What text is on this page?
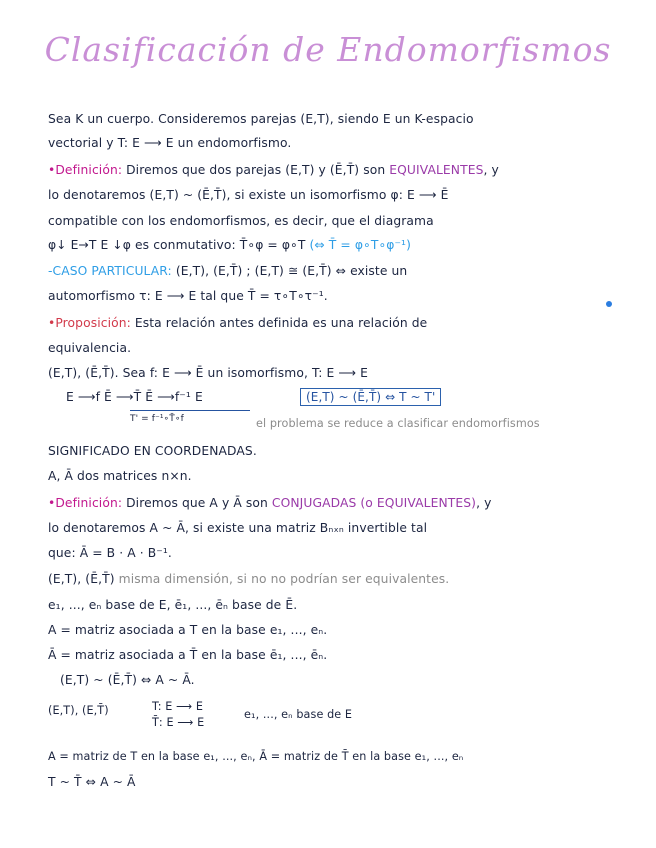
Clasificación de Endomorfismos
Sea K un cuerpo. Consideremos parejas (E,T), siendo E un K-espacio
vectorial y T: E ⟶ E un endomorfismo.
•Definición: Diremos que dos parejas (E,T) y (Ē,T̄) son EQUIVALENTES, y
lo denotaremos (E,T) ~ (Ē,T̄), si existe un isomorfismo φ: E ⟶ Ē
compatible con los endomorfismos, es decir, que el diagrama
φ↓ E→T E ↓φ es conmutativo: T̄∘φ = φ∘T (⇔ T̄ = φ∘T∘φ⁻¹)
-CASO PARTICULAR: (E,T), (E,T̄) ; (E,T) ≅ (E,T̄) ⇔ existe un
automorfismo τ: E ⟶ E tal que T̄ = τ∘T∘τ⁻¹.
•Proposición: Esta relación antes definida es una relación de
equivalencia.
(E,T), (Ē,T̄). Sea f: E ⟶ Ē un isomorfismo, T: E ⟶ E
E ⟶f Ē ⟶T̄ Ē ⟶f⁻¹ E
T' = f⁻¹∘T̄∘f
(E,T) ~ (Ē,T̄) ⇔ T ~ T'
el problema se reduce a clasificar endomorfismos
SIGNIFICADO EN COORDENADAS.
A, Ā dos matrices n×n.
•Definición: Diremos que A y Ā son CONJUGADAS (o EQUIVALENTES), y
lo denotaremos A ~ Ā, si existe una matriz Bₙₓₙ invertible tal
que: Ā = B · A · B⁻¹.
(E,T), (Ē,T̄) misma dimensión, si no no podrían ser equivalentes.
e₁, ..., eₙ base de E, ē₁, ..., ēₙ base de Ē.
A = matriz asociada a T en la base e₁, ..., eₙ.
Ā = matriz asociada a T̄ en la base ē₁, ..., ēₙ.
(E,T) ~ (Ē,T̄) ⇔ A ~ Ā.
(E,T), (E,T̄)	T: E ⟶ E
T̄: E ⟶ E
e₁, ..., eₙ base de E
A = matriz de T en la base e₁, ..., eₙ, Ā = matriz de T̄ en la base e₁, ..., eₙ
T ~ T̄ ⇔ A ~ Ā
